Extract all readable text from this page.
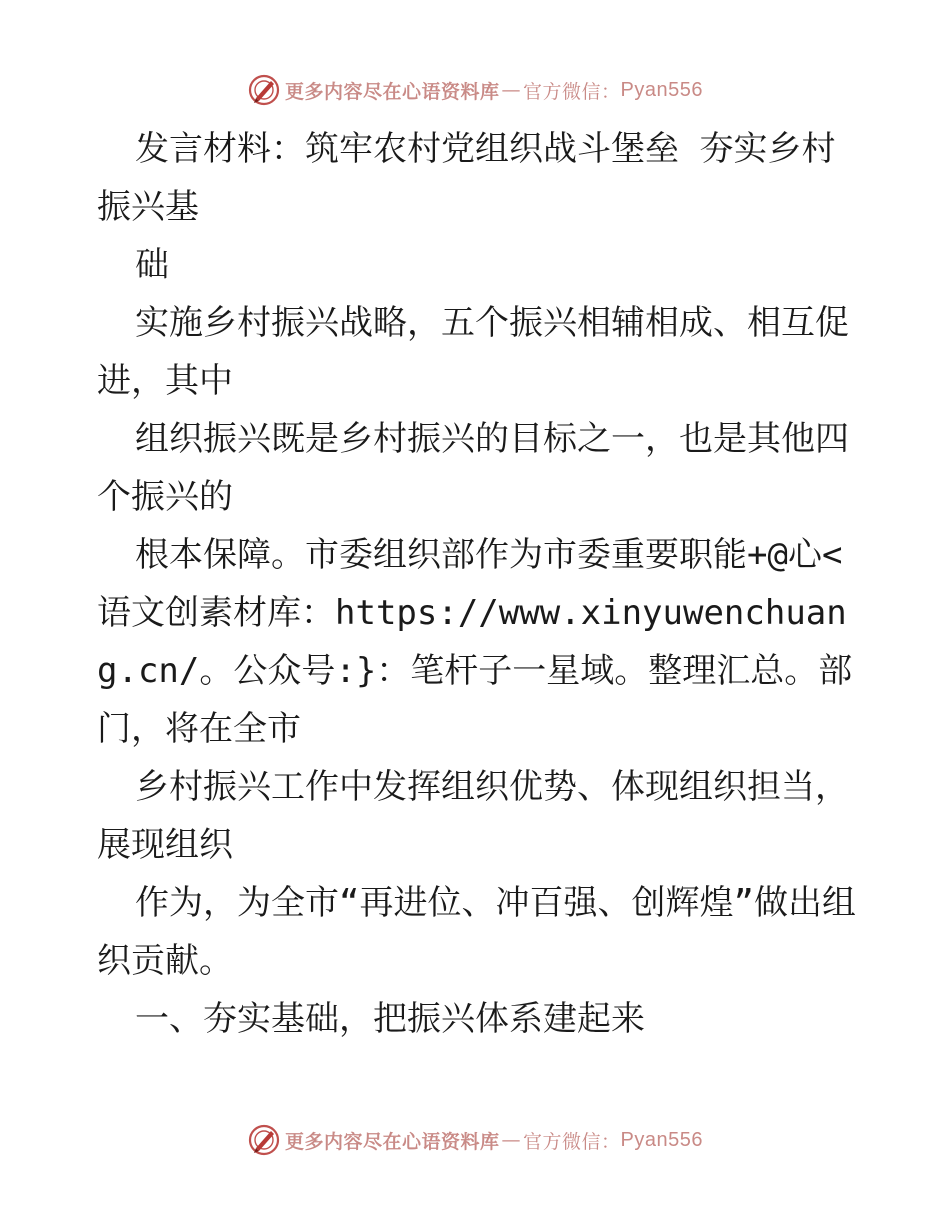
更多内容尽在心语资料库 — 官方微信： Pyan556

发言材料：筑牢农村党组织战斗堡垒 夯实乡村振兴基

础

实施乡村振兴战略，五个振兴相辅相成、相互促进，其中

组织振兴既是乡村振兴的目标之一，也是其他四个振兴的

根本保障。市委组织部作为市委重要职能+@心<语文创素材库：https://www.xinyuwenchuang.cn/。公众号:}：笔杆子一星域。整理汇总。部门，将在全市

乡村振兴工作中发挥组织优势、体现组织担当，展现组织

作为，为全市“再进位、冲百强、创辉煌”做出组织贡献。

一、夯实基础，把振兴体系建起来

更多内容尽在心语资料库 — 官方微信： Pyan556
